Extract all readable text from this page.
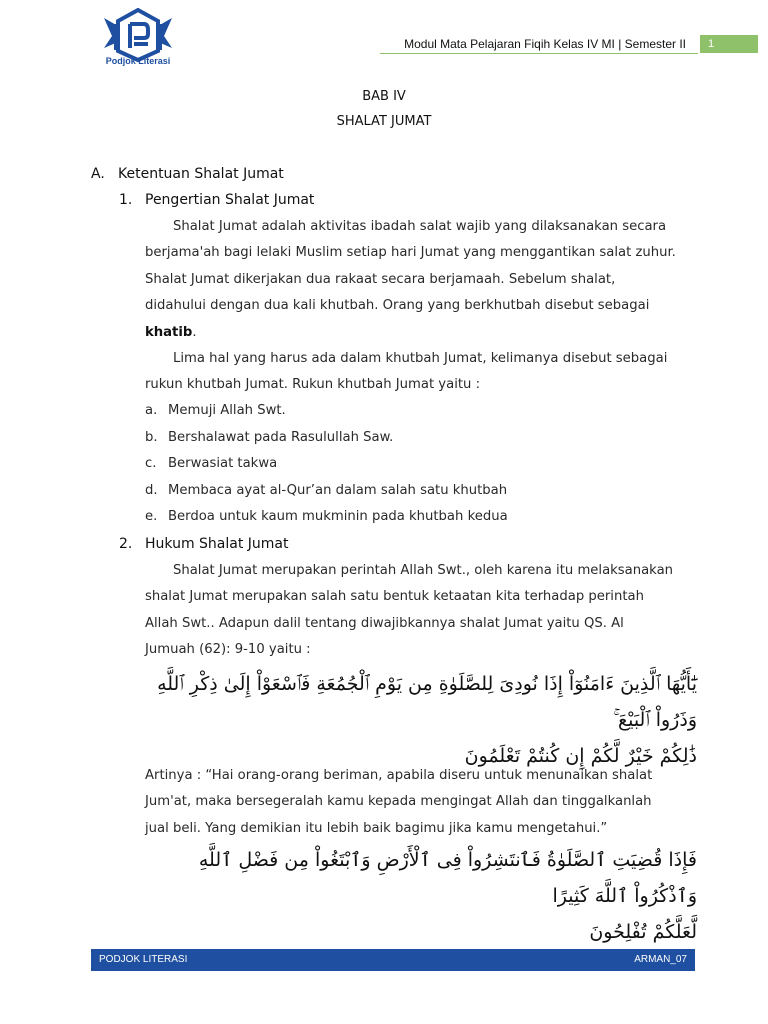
Podjok Literasi
Modul Mata Pelajaran Fiqih Kelas IV MI | Semester II	1
BAB IV
SHALAT JUMAT
A. Ketentuan Shalat Jumat
1. Pengertian Shalat Jumat
Shalat Jumat adalah aktivitas ibadah salat wajib yang dilaksanakan secara
berjama'ah bagi lelaki Muslim setiap hari Jumat yang menggantikan salat zuhur.
Shalat Jumat dikerjakan dua rakaat secara berjamaah. Sebelum shalat,
didahului dengan dua kali khutbah. Orang yang berkhutbah disebut sebagai
khatib.
Lima hal yang harus ada dalam khutbah Jumat, kelimanya disebut sebagai
rukun khutbah Jumat. Rukun khutbah Jumat yaitu :
a. Memuji Allah Swt.
b. Bershalawat pada Rasulullah Saw.
c. Berwasiat takwa
d. Membaca ayat al-Qur’an dalam salah satu khutbah
e. Berdoa untuk kaum mukminin pada khutbah kedua
2. Hukum Shalat Jumat
Shalat Jumat merupakan perintah Allah Swt., oleh karena itu melaksanakan
shalat Jumat merupakan salah satu bentuk ketaatan kita terhadap perintah
Allah Swt.. Adapun dalil tentang diwajibkannya shalat Jumat yaitu QS. Al
Jumuah (62): 9-10 yaitu :
يَٰٓأَيُّهَا ٱلَّذِينَ ءَامَنُوٓاْ إِذَا نُودِىَ لِلصَّلَوٰةِ مِن يَوْمِ ٱلْجُمُعَةِ فَٱسْعَوْاْ إِلَىٰ ذِكْرِ ٱللَّهِ وَذَرُواْ ٱلْبَيْعَ ۚ
ذَٰلِكُمْ خَيْرٌ لَّكُمْ إِن كُنتُمْ تَعْلَمُونَ
Artinya : “Hai orang-orang beriman, apabila diseru untuk menunaikan shalat
Jum'at, maka bersegeralah kamu kepada mengingat Allah dan tinggalkanlah
jual beli. Yang demikian itu lebih baik bagimu jika kamu mengetahui.”
فَإِذَا قُضِيَتِ ٱلصَّلَوٰةُ فَٱنتَشِرُواْ فِى ٱلْأَرْضِ وَٱبْتَغُواْ مِن فَضْلِ ٱللَّهِ وَٱذْكُرُواْ ٱللَّهَ كَثِيرًا
لَّعَلَّكُمْ تُفْلِحُونَ
PODJOK LITERASI	ARMAN_07
